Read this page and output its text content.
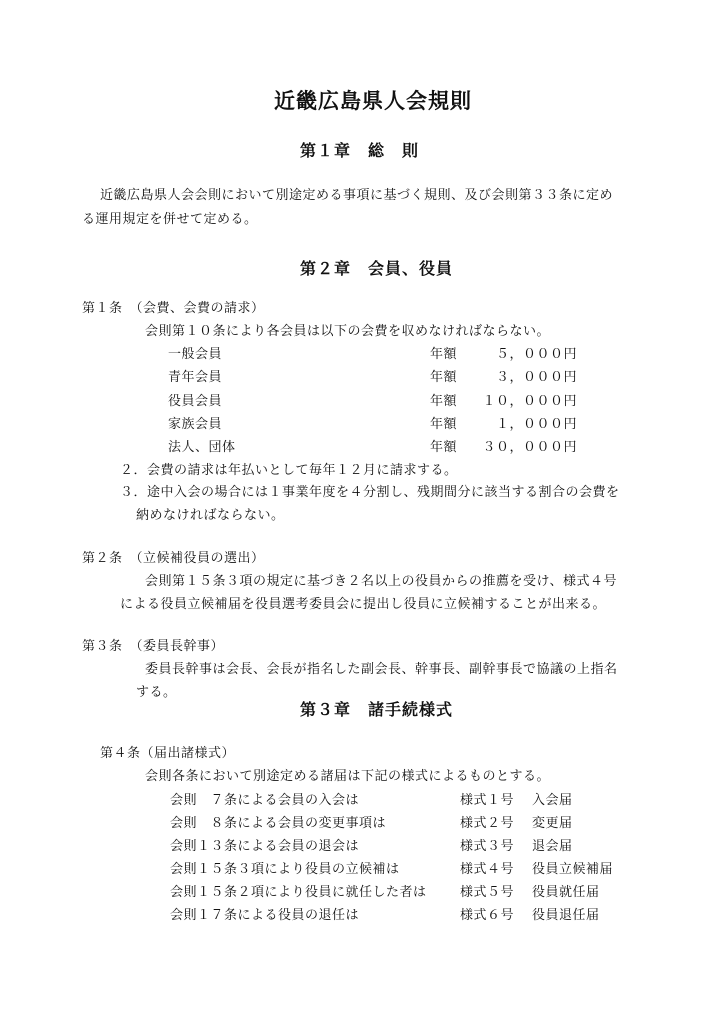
近畿広島県人会規則
第１章　総　則
近畿広島県人会会則において別途定める事項に基づく規則、及び会則第３３条に定め
る運用規定を併せて定める。
第２章　会員、役員
第１条　（会費、会費の請求）
会則第１０条により各会員は以下の会費を収めなければならない。
一般会員	年額	５，０００円
青年会員	年額	３，０００円
役員会員	年額	１０，０００円
家族会員	年額	１，０００円
法人、団体	年額	３０，０００円
２．会費の請求は年払いとして毎年１２月に請求する。
３．途中入会の場合には１事業年度を４分割し、残期間分に該当する割合の会費を
納めなければならない。
第２条　（立候補役員の選出）
会則第１５条３項の規定に基づき２名以上の役員からの推薦を受け、様式４号
による役員立候補届を役員選考委員会に提出し役員に立候補することが出来る。
第３条　（委員長幹事）
委員長幹事は会長、会長が指名した副会長、幹事長、副幹事長で協議の上指名
する。
第３章　諸手続様式
第４条（届出諸様式）
会則各条において別途定める諸届は下記の様式によるものとする。
会則　７条による会員の入会は	様式１号 入会届
会則　８条による会員の変更事項は	様式２号 変更届
会則１３条による会員の退会は	様式３号 退会届
会則１５条３項により役員の立候補は	様式４号 役員立候補届
会則１５条２項により役員に就任した者は	様式５号 役員就任届
会則１７条による役員の退任は	様式６号 役員退任届
